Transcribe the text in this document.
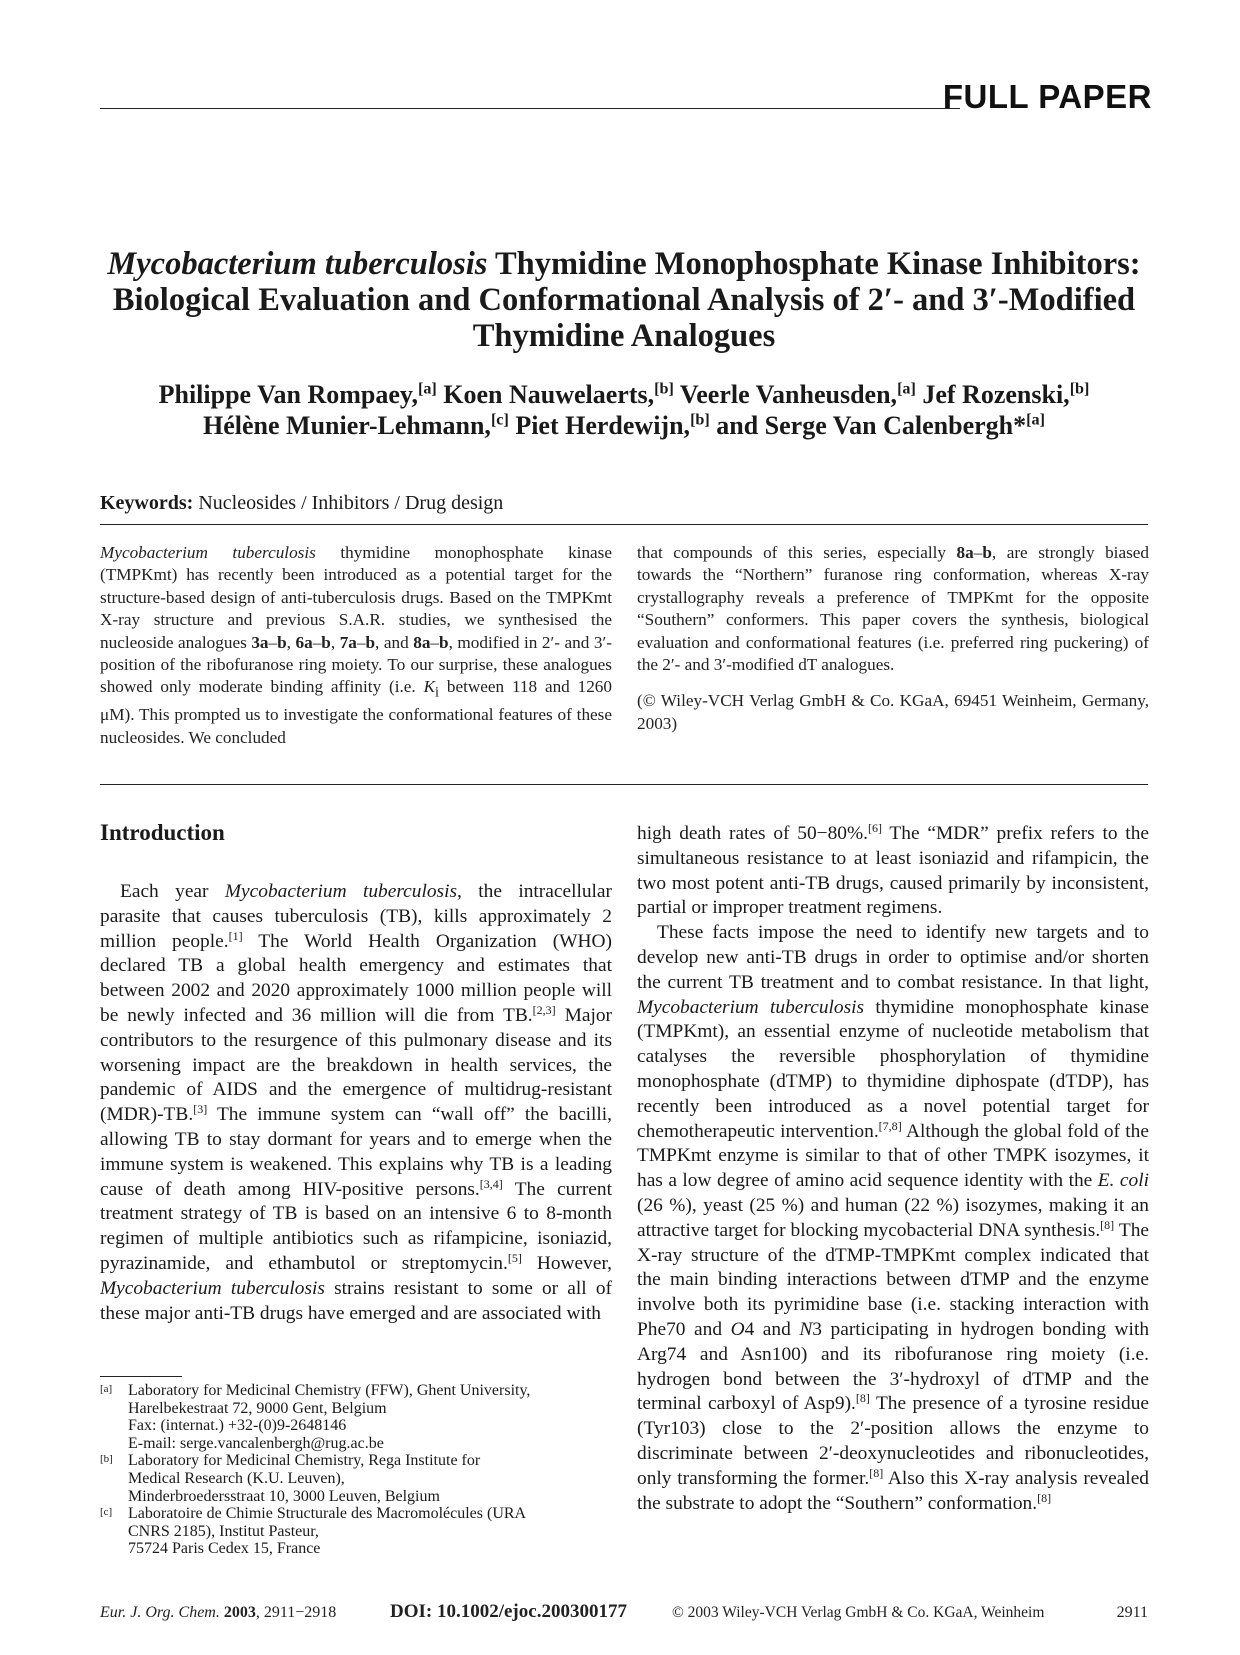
FULL PAPER
Mycobacterium tuberculosis Thymidine Monophosphate Kinase Inhibitors:
Biological Evaluation and Conformational Analysis of 2′- and 3′-Modified
Thymidine Analogues
Philippe Van Rompaey,[a] Koen Nauwelaerts,[b] Veerle Vanheusden,[a] Jef Rozenski,[b]
Hélène Munier-Lehmann,[c] Piet Herdewijn,[b] and Serge Van Calenbergh*[a]
Keywords: Nucleosides / Inhibitors / Drug design

Mycobacterium tuberculosis thymidine monophosphate kinase (TMPKmt) has recently been introduced as a potential target for the structure-based design of anti-tuberculosis drugs. Based on the TMPKmt X-ray structure and previous S.A.R. studies, we synthesised the nucleoside analogues 3a–b, 6a–b, 7a–b, and 8a–b, modified in 2′- and 3′-position of the ribofuranose ring moiety. To our surprise, these analogues showed only moderate binding affinity (i.e. $K_i$ between 118 and 1260 μM). This prompted us to investigate the conformational features of these nucleosides. We concluded

that compounds of this series, especially 8a–b, are strongly biased towards the “Northern” furanose ring conformation, whereas X-ray crystallography reveals a preference of TMPKmt for the opposite “Southern” conformers. This paper covers the synthesis, biological evaluation and conformational features (i.e. preferred ring puckering) of the 2′- and 3′-modified dT analogues.

(© Wiley-VCH Verlag GmbH & Co. KGaA, 69451 Weinheim, Germany, 2003)

Introduction

Each year Mycobacterium tuberculosis, the intracellular parasite that causes tuberculosis (TB), kills approximately 2 million people.[1] The World Health Organization (WHO) declared TB a global health emergency and estimates that between 2002 and 2020 approximately 1000 million people will be newly infected and 36 million will die from TB.[2,3] Major contributors to the resurgence of this pulmonary disease and its worsening impact are the breakdown in health services, the pandemic of AIDS and the emergence of multidrug-resistant (MDR)-TB.[3] The immune system can “wall off” the bacilli, allowing TB to stay dormant for years and to emerge when the immune system is weakened. This explains why TB is a leading cause of death among HIV-positive persons.[3,4] The current treatment strategy of TB is based on an intensive 6 to 8-month regimen of multiple antibiotics such as rifampicine, isoniazid, pyrazinamide, and ethambutol or streptomycin.[5] However, Mycobacterium tuberculosis strains resistant to some or all of these major anti-TB drugs have emerged and are associated with

high death rates of 50−80%.[6] The “MDR” prefix refers to the simultaneous resistance to at least isoniazid and rifampicin, the two most potent anti-TB drugs, caused primarily by inconsistent, partial or improper treatment regimens.

These facts impose the need to identify new targets and to develop new anti-TB drugs in order to optimise and/or shorten the current TB treatment and to combat resistance. In that light, Mycobacterium tuberculosis thymidine monophosphate kinase (TMPKmt), an essential enzyme of nucleotide metabolism that catalyses the reversible phosphorylation of thymidine monophosphate (dTMP) to thymidine diphospate (dTDP), has recently been introduced as a novel potential target for chemotherapeutic intervention.[7,8] Although the global fold of the TMPKmt enzyme is similar to that of other TMPK isozymes, it has a low degree of amino acid sequence identity with the E. coli (26 %), yeast (25 %) and human (22 %) isozymes, making it an attractive target for blocking mycobacterial DNA synthesis.[8] The X-ray structure of the dTMP-TMPKmt complex indicated that the main binding interactions between dTMP and the enzyme involve both its pyrimidine base (i.e. stacking interaction with Phe70 and O4 and N3 participating in hydrogen bonding with Arg74 and Asn100) and its ribofuranose ring moiety (i.e. hydrogen bond between the 3′-hydroxyl of dTMP and the terminal carboxyl of Asp9).[8] The presence of a tyrosine residue (Tyr103) close to the 2′-position allows the enzyme to discriminate between 2′-deoxynucleotides and ribonucleotides, only transforming the former.[8] Also this X-ray analysis revealed the substrate to adopt the “Southern” conformation.[8]

[a] Laboratory for Medicinal Chemistry (FFW), Ghent University,
Harelbekestraat 72, 9000 Gent, Belgium
Fax: (internat.) +32-(0)9-2648146
E-mail: serge.vancalenbergh@rug.ac.be
[b] Laboratory for Medicinal Chemistry, Rega Institute for
Medical Research (K.U. Leuven),
Minderbroedersstraat 10, 3000 Leuven, Belgium
[c] Laboratoire de Chimie Structurale des Macromolécules (URA
CNRS 2185), Institut Pasteur,
75724 Paris Cedex 15, France
Eur. J. Org. Chem. 2003, 2911−2918	DOI: 10.1002/ejoc.200300177	© 2003 Wiley-VCH Verlag GmbH & Co. KGaA, Weinheim	2911
